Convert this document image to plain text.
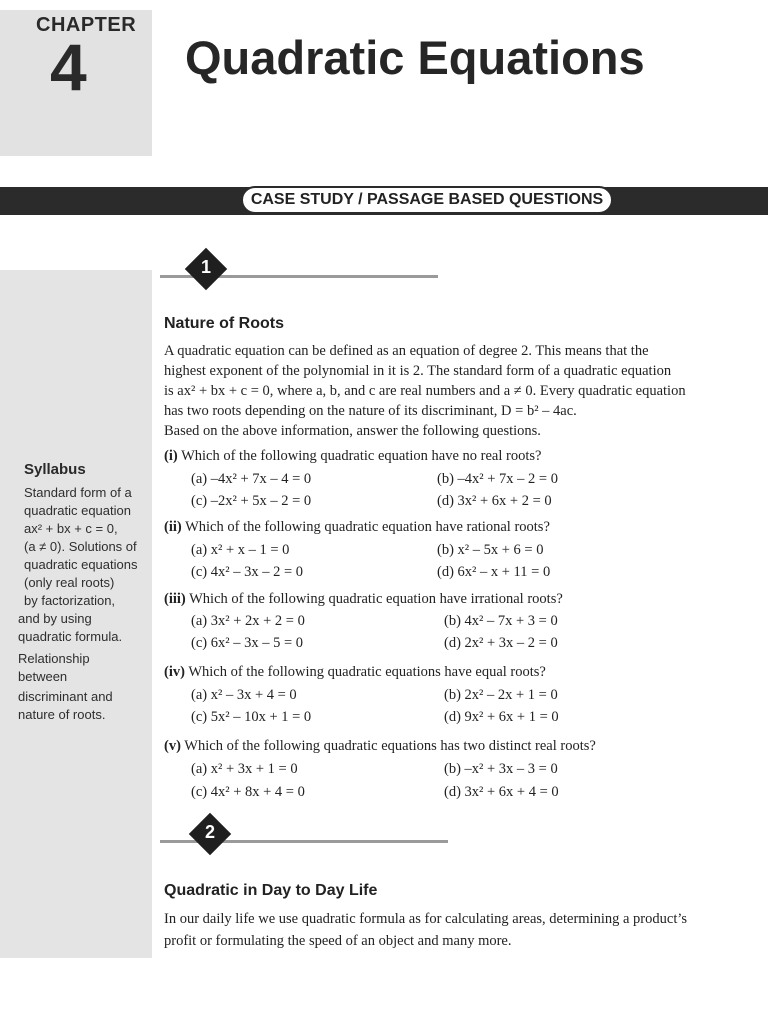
CHAPTER
4 Quadratic Equations
CASE STUDY / PASSAGE BASED QUESTIONS
Syllabus
Standard form of a
quadratic equation
ax² + bx + c = 0,
(a ≠ 0). Solutions of
quadratic equations
(only real roots)
by factorization,
and by using
quadratic formula.
Relationship
between
discriminant and
nature of roots.
1
Nature of Roots
A quadratic equation can be defined as an equation of degree 2. This means that the
highest exponent of the polynomial in it is 2. The standard form of a quadratic equation
is ax² + bx + c = 0, where a, b, and c are real numbers and a ≠ 0. Every quadratic equation
has two roots depending on the nature of its discriminant, D = b² – 4ac.
Based on the above information, answer the following questions.
(i) Which of the following quadratic equation have no real roots?
(a) –4x² + 7x – 4 = 0	(b) –4x² + 7x – 2 = 0
(c) –2x² + 5x – 2 = 0	(d) 3x² + 6x + 2 = 0
(ii) Which of the following quadratic equation have rational roots?
(a) x² + x – 1 = 0	(b) x² – 5x + 6 = 0
(c) 4x² – 3x – 2 = 0	(d) 6x² – x + 11 = 0
(iii) Which of the following quadratic equation have irrational roots?
(a) 3x² + 2x + 2 = 0	(b) 4x² – 7x + 3 = 0
(c) 6x² – 3x – 5 = 0	(d) 2x² + 3x – 2 = 0
(iv) Which of the following quadratic equations have equal roots?
(a) x² – 3x + 4 = 0	(b) 2x² – 2x + 1 = 0
(c) 5x² – 10x + 1 = 0	(d) 9x² + 6x + 1 = 0
(v) Which of the following quadratic equations has two distinct real roots?
(a) x² + 3x + 1 = 0	(b) –x² + 3x – 3 = 0
(c) 4x² + 8x + 4 = 0	(d) 3x² + 6x + 4 = 0
2
Quadratic in Day to Day Life
In our daily life we use quadratic formula as for calculating areas, determining a product’s
profit or formulating the speed of an object and many more.
